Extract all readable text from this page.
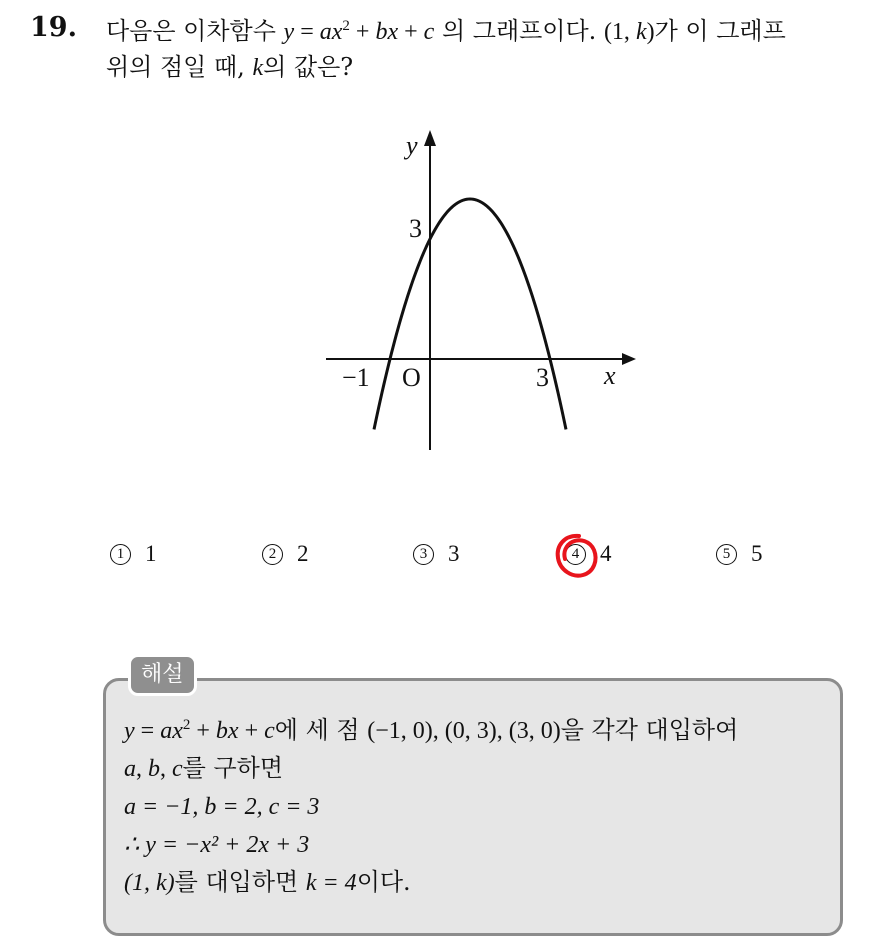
19. 다음은 이차함수 $y = ax^2$ + bx + c 의 그래프이다. (1, k)가 이 그래프
위의 점일 때, k의 값은?

y
x
O
−1	3
3
1 1	2 2	3 3	4 4	5 5
해설
$y = ax^2$ + bx + c에 세 점 (−1, 0), (0, 3), (3, 0)을 각각 대입하여
a, b, c를 구하면
a = −1, b = 2, c = 3
∴ y = −x² + 2x + 3
(1, k)를 대입하면 k = 4이다.
